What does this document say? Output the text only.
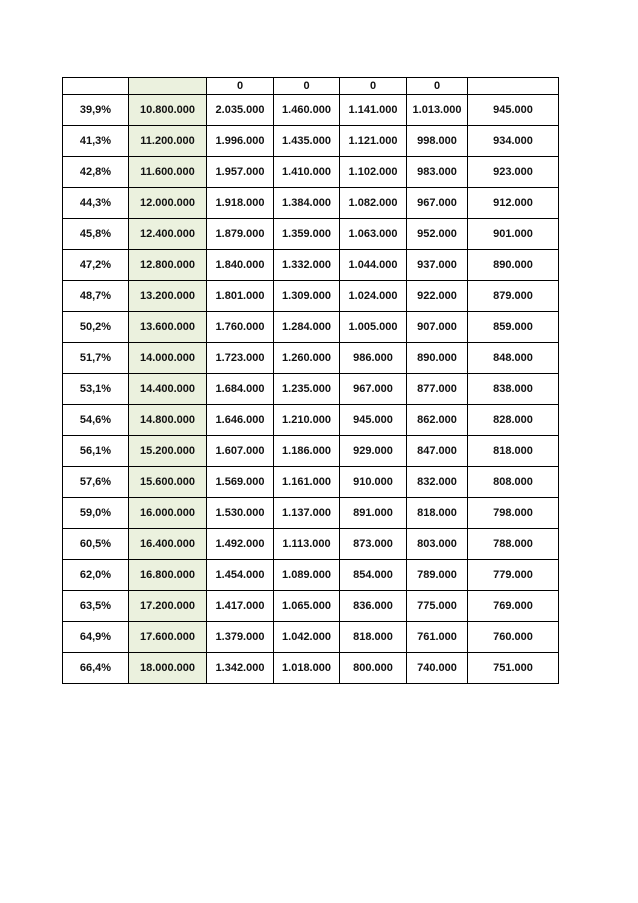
		0	0	0	0	
39,9%	10.800.000	2.035.000	1.460.000	1.141.000	1.013.000	945.000
41,3%	11.200.000	1.996.000	1.435.000	1.121.000	998.000	934.000
42,8%	11.600.000	1.957.000	1.410.000	1.102.000	983.000	923.000
44,3%	12.000.000	1.918.000	1.384.000	1.082.000	967.000	912.000
45,8%	12.400.000	1.879.000	1.359.000	1.063.000	952.000	901.000
47,2%	12.800.000	1.840.000	1.332.000	1.044.000	937.000	890.000
48,7%	13.200.000	1.801.000	1.309.000	1.024.000	922.000	879.000
50,2%	13.600.000	1.760.000	1.284.000	1.005.000	907.000	859.000
51,7%	14.000.000	1.723.000	1.260.000	986.000	890.000	848.000
53,1%	14.400.000	1.684.000	1.235.000	967.000	877.000	838.000
54,6%	14.800.000	1.646.000	1.210.000	945.000	862.000	828.000
56,1%	15.200.000	1.607.000	1.186.000	929.000	847.000	818.000
57,6%	15.600.000	1.569.000	1.161.000	910.000	832.000	808.000
59,0%	16.000.000	1.530.000	1.137.000	891.000	818.000	798.000
60,5%	16.400.000	1.492.000	1.113.000	873.000	803.000	788.000
62,0%	16.800.000	1.454.000	1.089.000	854.000	789.000	779.000
63,5%	17.200.000	1.417.000	1.065.000	836.000	775.000	769.000
64,9%	17.600.000	1.379.000	1.042.000	818.000	761.000	760.000
66,4%	18.000.000	1.342.000	1.018.000	800.000	740.000	751.000
